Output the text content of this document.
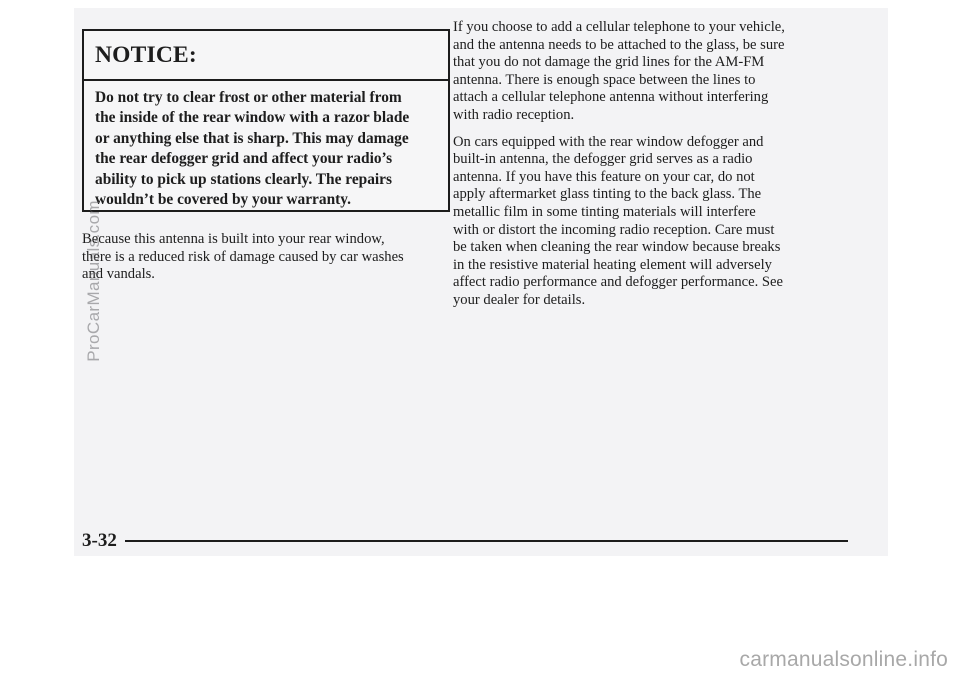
NOTICE:
Do not try to clear frost or other material from
the inside of the rear window with a razor blade
or anything else that is sharp. This may damage
the rear defogger grid and affect your radio’s
ability to pick up stations clearly. The repairs
wouldn’t be covered by your warranty.
Because this antenna is built into your rear window,
there is a reduced risk of damage caused by car washes
and vandals.
If you choose to add a cellular telephone to your vehicle,
and the antenna needs to be attached to the glass, be sure
that you do not damage the grid lines for the AM-FM
antenna. There is enough space between the lines to
attach a cellular telephone antenna without interfering
with radio reception.
On cars equipped with the rear window defogger and
built-in antenna, the defogger grid serves as a radio
antenna. If you have this feature on your car, do not
apply aftermarket glass tinting to the back glass. The
metallic film in some tinting materials will interfere
with or distort the incoming radio reception. Care must
be taken when cleaning the rear window because breaks
in the resistive material heating element will adversely
affect radio performance and defogger performance. See
your dealer for details.
3-32
ProCarManuals.com
carmanualsonline.info
